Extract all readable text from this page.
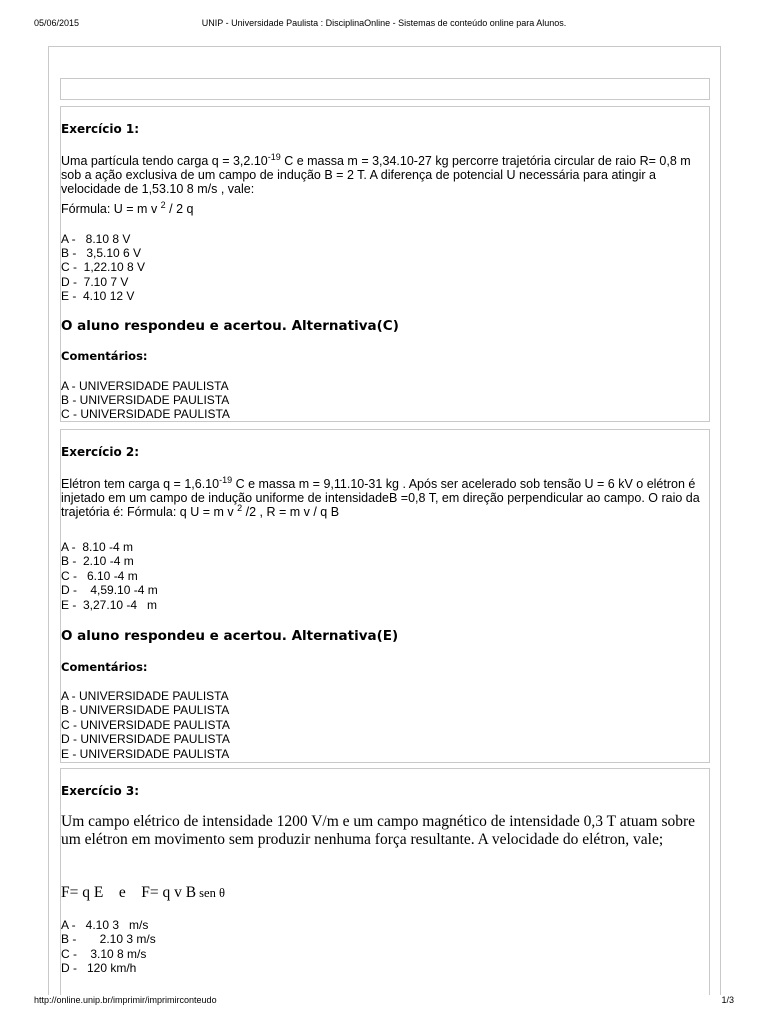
05/06/2015	UNIP - Universidade Paulista : DisciplinaOnline - Sistemas de conteúdo online para Alunos.
Exercício 1:
Uma partícula tendo carga $q = 3,2.10^{-19}$ C e massa m = 3,34.10-27 kg percorre trajetória circular de raio R= 0,8 m sob a ação exclusiva de um campo de indução B = 2 T. A diferença de potencial U necessária para atingir a velocidade de 1,53.10 8 m/s , vale:
Fórmula: U = m v $^2$ / 2 q
A -   8.10 8 V
B -   3,5.10 6 V
C -  1,22.10 8 V
D -  7.10 7 V
E -  4.10 12 V
O aluno respondeu e acertou. Alternativa(C)
Comentários:
A - UNIVERSIDADE PAULISTA
B - UNIVERSIDADE PAULISTA
C - UNIVERSIDADE PAULISTA
Exercício 2:
Elétron tem carga $q = 1,6.10^{-19}$ C e massa m = 9,11.10-31 kg . Após ser acelerado sob tensão U = 6 kV o elétron é injetado em um campo de indução uniforme de intensidadeB =0,8 T, em direção perpendicular ao campo. O raio da trajetória é: Fórmula: q U = m v $^2$ /2 , R = m v / q B
A -  8.10 -4 m
B -  2.10 -4 m
C -   6.10 -4 m
D -    4,59.10 -4 m
E -  3,27.10 -4   m
O aluno respondeu e acertou. Alternativa(E)
Comentários:
A - UNIVERSIDADE PAULISTA
B - UNIVERSIDADE PAULISTA
C - UNIVERSIDADE PAULISTA
D - UNIVERSIDADE PAULISTA
E - UNIVERSIDADE PAULISTA
Exercício 3:
Um campo elétrico de intensidade 1200 V/m e um campo magnético de intensidade 0,3 T atuam sobre um elétron em movimento sem produzir nenhuma força resultante. A velocidade do elétron, vale;
F= q E    e    F= q v B sen θ
A -   4.10 3   m/s
B -       2.10 3 m/s
C -    3.10 8 m/s
D -   120 km/h
http://online.unip.br/imprimir/imprimirconteudo	1/3
